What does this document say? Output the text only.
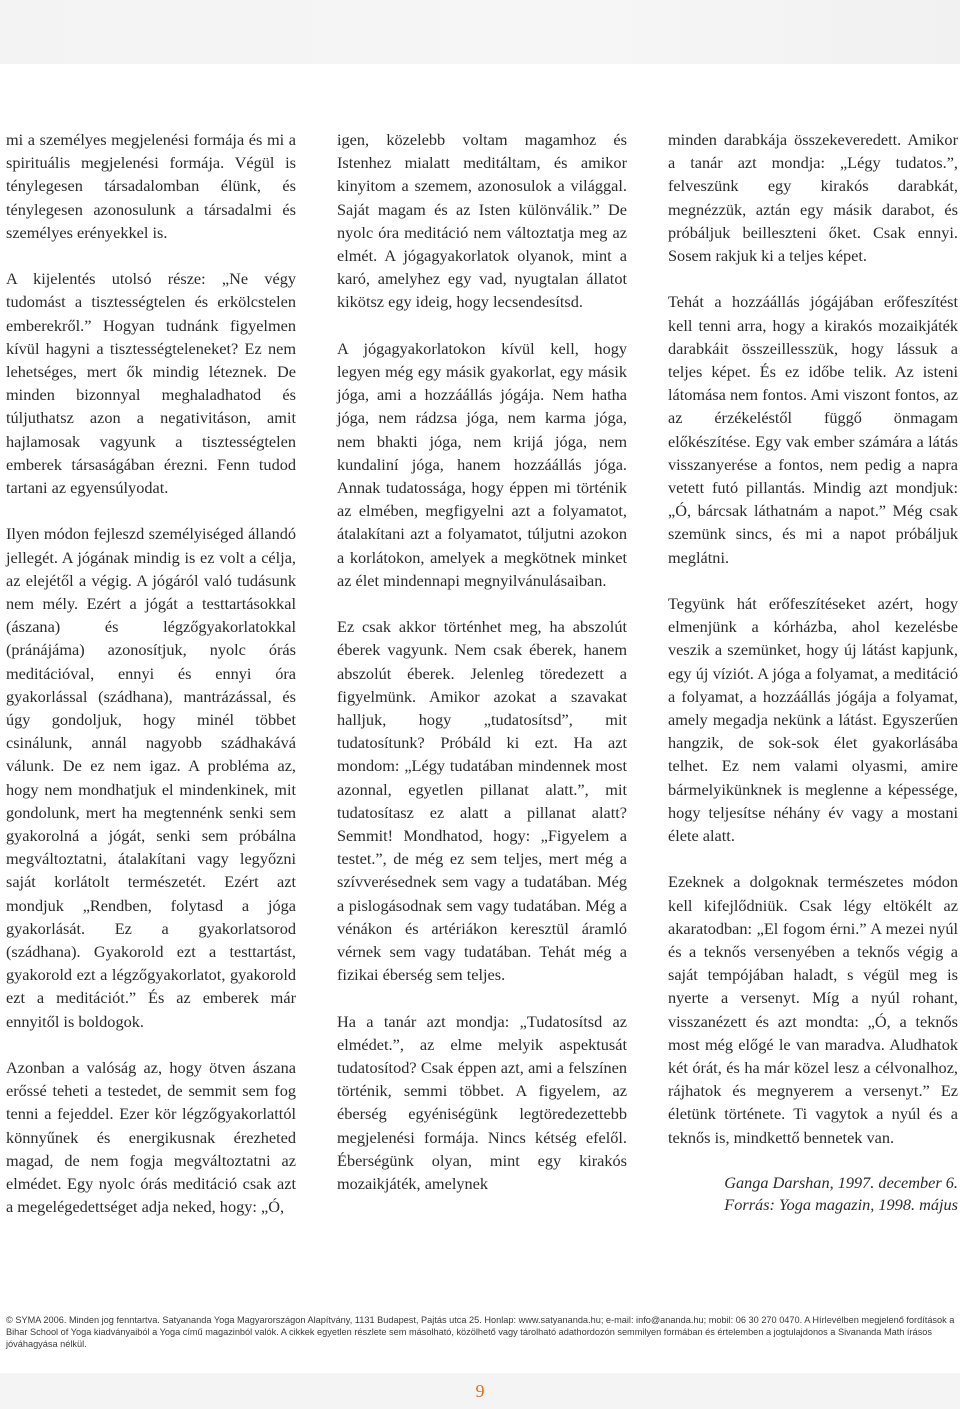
mi a személyes megjelenési formája és mi a spirituális megjelenési formája. Végül is ténylegesen társadalomban élünk, és ténylegesen azonosulunk a társadalmi és személyes erényekkel is.

A kijelentés utolsó része: „Ne végy tudomást a tisztességtelen és erkölcstelen emberekről.” Hogyan tudnánk figyelmen kívül hagyni a tisztességteleneket? Ez nem lehetséges, mert ők mindig léteznek. De minden bizonnyal meghaladhatod és túljuthatsz azon a negativitáson, amit hajlamosak vagyunk a tisztességtelen emberek társaságában érezni. Fenn tudod tartani az egyensúlyodat.

Ilyen módon fejleszd személyiséged állandó jellegét. A jógának mindig is ez volt a célja, az elejétől a végig. A jógáról való tudásunk nem mély. Ezért a jógát a testtartásokkal (ászana) és légzőgyakorlatokkal (pránájáma) azonosítjuk, nyolc órás meditációval, ennyi és ennyi óra gyakorlással (szádhana), mantrázással, és úgy gondoljuk, hogy minél többet csinálunk, annál nagyobb szádhakává válunk. De ez nem igaz. A probléma az, hogy nem mondhatjuk el mindenkinek, mit gondolunk, mert ha megtennénk senki sem gyakorolná a jógát, senki sem próbálna megváltoztatni, átalakítani vagy legyőzni saját korlátolt természetét. Ezért azt mondjuk „Rendben, folytasd a jóga gyakorlását. Ez a gyakorlatsorod (szádhana). Gyakorold ezt a testtartást, gyakorold ezt a légzőgyakorlatot, gyakorold ezt a meditációt.” És az emberek már ennyitől is boldogok.

Azonban a valóság az, hogy ötven ászana erőssé teheti a testedet, de semmit sem fog tenni a fejeddel. Ezer kör légzőgyakorlattól könnyűnek és energikusnak érezheted magad, de nem fogja megváltoztatni az elmédet. Egy nyolc órás meditáció csak azt a megelégedettséget adja neked, hogy: „Ó,

igen, közelebb voltam magamhoz és Istenhez mialatt meditáltam, és amikor kinyitom a szemem, azonosulok a világgal. Saját magam és az Isten különválik.” De nyolc óra meditáció nem változtatja meg az elmét. A jógagyakorlatok olyanok, mint a karó, amelyhez egy vad, nyugtalan állatot kikötsz egy ideig, hogy lecsendesítsd.

A jógagyakorlatokon kívül kell, hogy legyen még egy másik gyakorlat, egy másik jóga, ami a hozzáállás jógája. Nem hatha jóga, nem rádzsa jóga, nem karma jóga, nem bhakti jóga, nem krijá jóga, nem kundaliní jóga, hanem hozzáállás jóga. Annak tudatossága, hogy éppen mi történik az elmében, megfigyelni azt a folyamatot, átalakítani azt a folyamatot, túljutni azokon a korlátokon, amelyek a megkötnek minket az élet mindennapi megnyilvánulásaiban.

Ez csak akkor történhet meg, ha abszolút éberek vagyunk. Nem csak éberek, hanem abszolút éberek. Jelenleg töredezett a figyelmünk. Amikor azokat a szavakat halljuk, hogy „tudatosítsd”, mit tudatosítunk? Próbáld ki ezt. Ha azt mondom: „Légy tudatában mindennek most azonnal, egyetlen pillanat alatt.”, mit tudatosítasz ez alatt a pillanat alatt? Semmit! Mondhatod, hogy: „Figyelem a testet.”, de még ez sem teljes, mert még a szívverésednek sem vagy a tudatában. Még a pislogásodnak sem vagy tudatában. Még a vénákon és artériákon keresztül áramló vérnek sem vagy tudatában. Tehát még a fizikai éberség sem teljes.

Ha a tanár azt mondja: „Tudatosítsd az elmédet.”, az elme melyik aspektusát tudatosítod? Csak éppen azt, ami a felszínen történik, semmi többet. A figyelem, az éberség egyéniségünk legtöredezettebb megjelenési formája. Nincs kétség efelől. Éberségünk olyan, mint egy kirakós mozaikjáték, amelynek

minden darabkája összekeveredett. Amikor a tanár azt mondja: „Légy tudatos.”, felveszünk egy kirakós darabkát, megnézzük, aztán egy másik darabot, és próbáljuk beilleszteni őket. Csak ennyi. Sosem rakjuk ki a teljes képet.

Tehát a hozzáállás jógájában erőfeszítést kell tenni arra, hogy a kirakós mozaikjáték darabkáit összeillesszük, hogy lássuk a teljes képet. És ez időbe telik. Az isteni látomása nem fontos. Ami viszont fontos, az az érzékeléstől függő önmagam előkészítése. Egy vak ember számára a látás visszanyerése a fontos, nem pedig a napra vetett futó pillantás. Mindig azt mondjuk: „Ó, bárcsak láthatnám a napot.” Még csak szemünk sincs, és mi a napot próbáljuk meglátni.

Tegyünk hát erőfeszítéseket azért, hogy elmenjünk a kórházba, ahol kezelésbe veszik a szemünket, hogy új látást kapjunk, egy új víziót. A jóga a folyamat, a meditáció a folyamat, a hozzáállás jógája a folyamat, amely megadja nekünk a látást. Egyszerűen hangzik, de sok-sok élet gyakorlásába telhet. Ez nem valami olyasmi, amire bármelyikünknek is meglenne a képessége, hogy teljesítse néhány év vagy a mostani élete alatt.

Ezeknek a dolgoknak természetes módon kell kifejlődniük. Csak légy eltökélt az akaratodban: „El fogom érni.” A mezei nyúl és a teknős versenyében a teknős végig a saját tempójában haladt, s végül meg is nyerte a versenyt. Míg a nyúl rohant, visszanézett és azt mondta: „Ó, a teknős most még előgé le van maradva. Aludhatok két órát, és ha már közel lesz a célvonalhoz, rájhatok és megnyerem a versenyt.” Ez életünk története. Ti vagytok a nyúl és a teknős is, mindkettő bennetek van.

Ganga Darshan, 1997. december 6.
Forrás: Yoga magazin, 1998. május
© SYMA 2006. Minden jog fenntartva. Satyananda Yoga Magyarországon Alapítvány, 1131 Budapest, Pajtás utca 25. Honlap: www.satyananda.hu; e-mail: info@ananda.hu; mobil: 06 30 270 0470. A Hírlevélben megjelenő fordítások a Bihar School of Yoga kiadványaiból a Yoga című magazinból valók. A cikkek egyetlen részlete sem másolható, közölhető vagy tárolható adathordozón semmilyen formában és értelemben a jogtulajdonos a Sivananda Math írásos jóváhagyása nélkül.
9
